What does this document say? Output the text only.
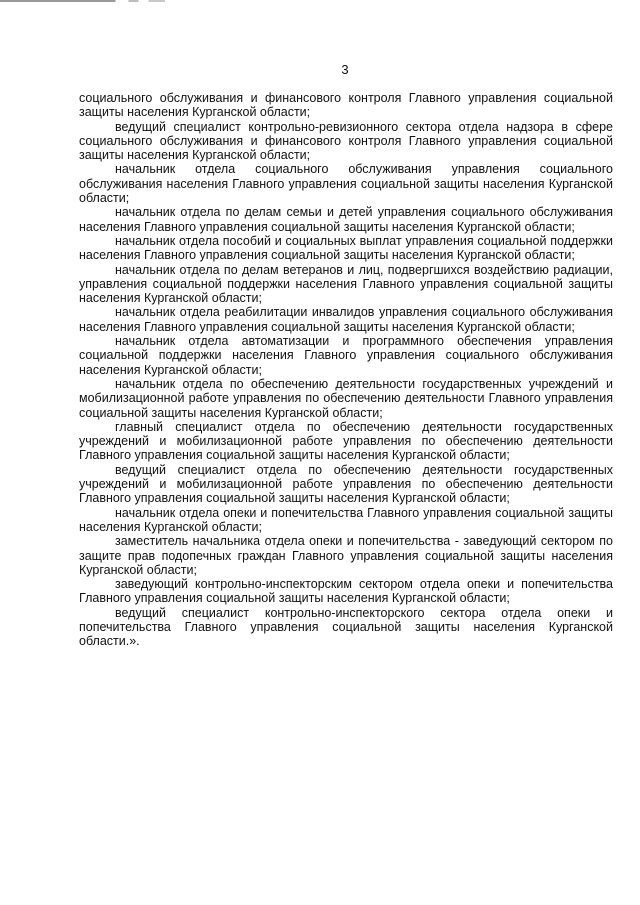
3

социального обслуживания и финансового контроля Главного управления социальной защиты населения Курганской области;

ведущий специалист контрольно-ревизионного сектора отдела надзора в сфере социального обслуживания и финансового контроля Главного управления социальной защиты населения Курганской области;

начальник отдела социального обслуживания управления социального обслуживания населения Главного управления социальной защиты населения Курганской области;

начальник отдела по делам семьи и детей управления социального обслуживания населения Главного управления социальной защиты населения Курганской области;

начальник отдела пособий и социальных выплат управления социальной поддержки населения Главного управления социальной защиты населения Курганской области;

начальник отдела по делам ветеранов и лиц, подвергшихся воздействию радиации, управления социальной поддержки населения Главного управления социальной защиты населения Курганской области;

начальник отдела реабилитации инвалидов управления социального обслуживания населения Главного управления социальной защиты населения Курганской области;

начальник отдела автоматизации и программного обеспечения управления социальной поддержки населения Главного управления социального обслуживания населения Курганской области;

начальник отдела по обеспечению деятельности государственных учреждений и мобилизационной работе управления по обеспечению деятельности Главного управления социальной защиты населения Курганской области;

главный специалист отдела по обеспечению деятельности государственных учреждений и мобилизационной работе управления по обеспечению деятельности Главного управления социальной защиты населения Курганской области;

ведущий специалист отдела по обеспечению деятельности государственных учреждений и мобилизационной работе управления по обеспечению деятельности Главного управления социальной защиты населения Курганской области;

начальник отдела опеки и попечительства Главного управления социальной защиты населения Курганской области;

заместитель начальника отдела опеки и попечительства - заведующий сектором по защите прав подопечных граждан Главного управления социальной защиты населения Курганской области;

заведующий контрольно-инспекторским сектором отдела опеки и попечительства Главного управления социальной защиты населения Курганской области;

ведущий специалист контрольно-инспекторского сектора отдела опеки и попечительства Главного управления социальной защиты населения Курганской области.».
